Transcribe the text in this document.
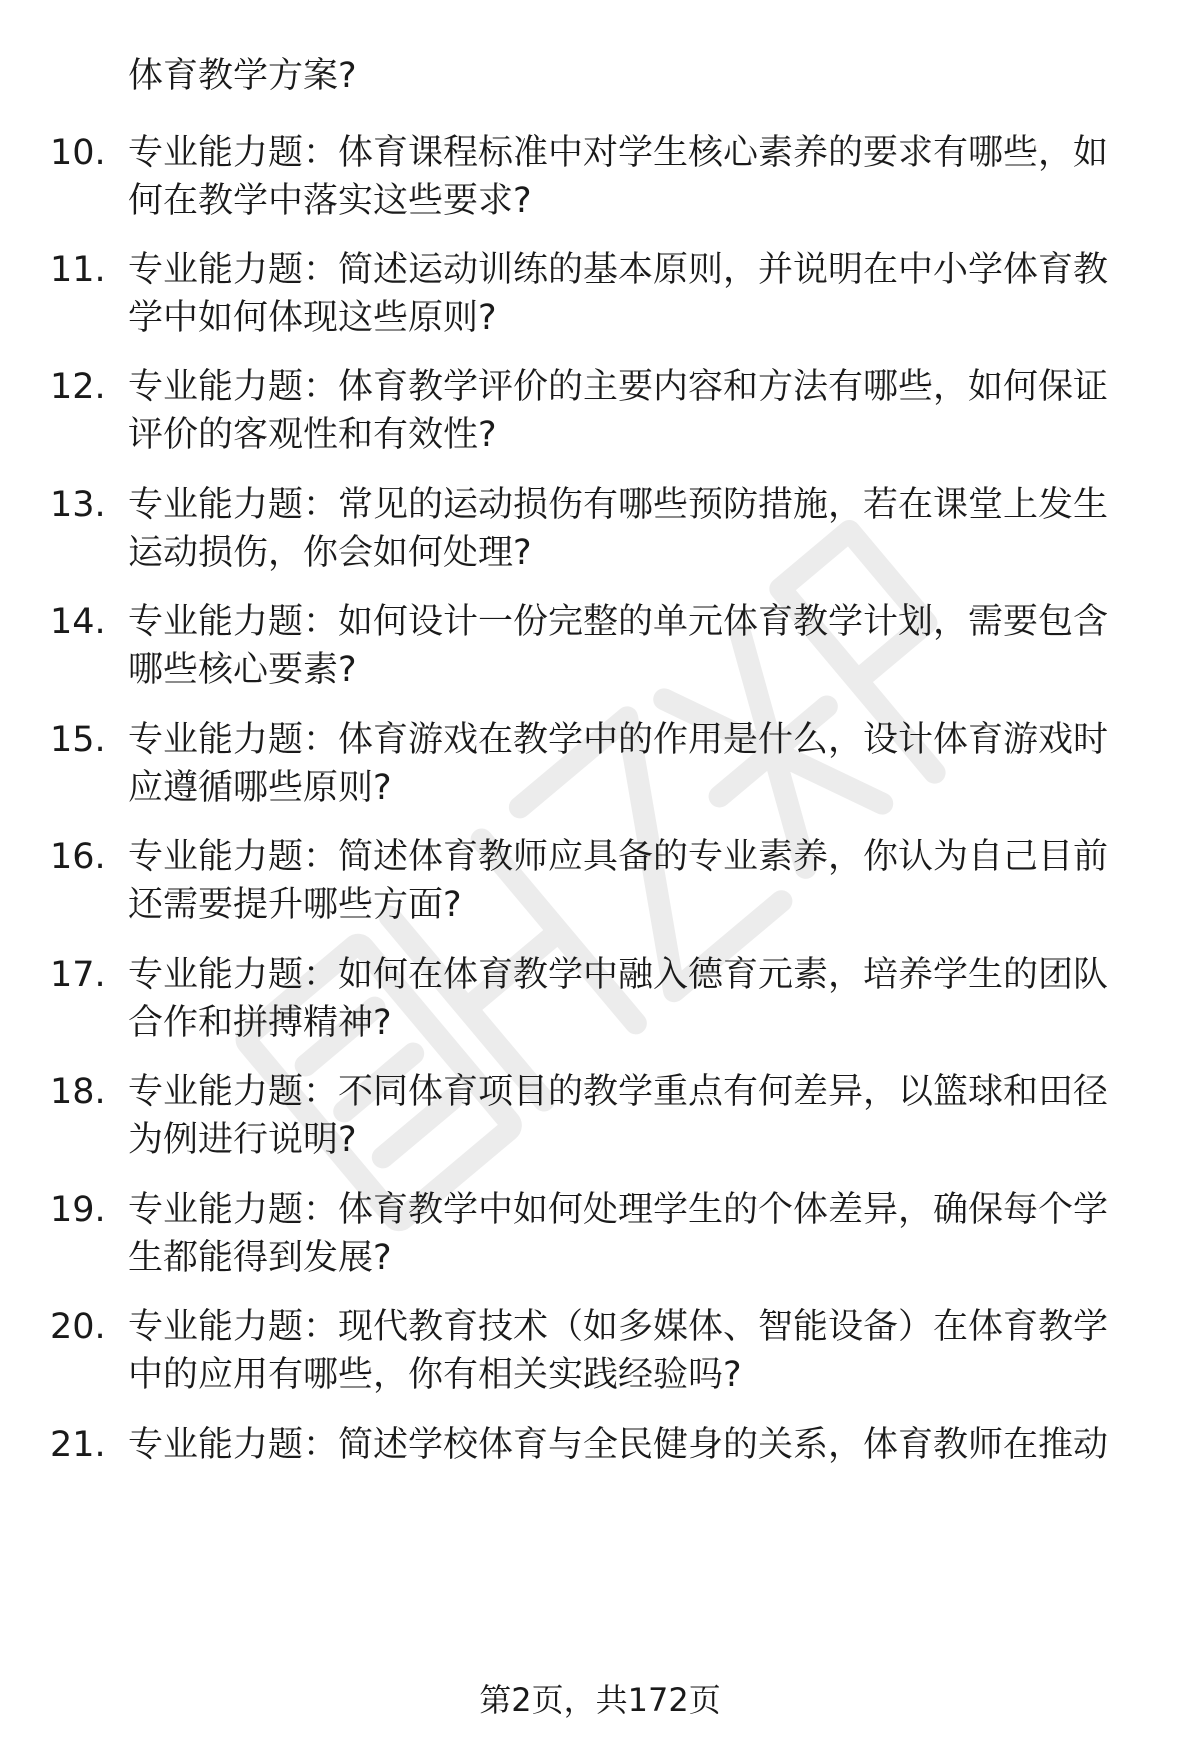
体育教学方案?
10. 专业能力题：体育课程标准中对学生核心素养的要求有哪些，如
何在教学中落实这些要求?
11. 专业能力题：简述运动训练的基本原则，并说明在中小学体育教
学中如何体现这些原则?
12. 专业能力题：体育教学评价的主要内容和方法有哪些，如何保证
评价的客观性和有效性?
13. 专业能力题：常见的运动损伤有哪些预防措施，若在课堂上发生
运动损伤，你会如何处理?
14. 专业能力题：如何设计一份完整的单元体育教学计划，需要包含
哪些核心要素?
15. 专业能力题：体育游戏在教学中的作用是什么，设计体育游戏时
应遵循哪些原则?
16. 专业能力题：简述体育教师应具备的专业素养，你认为自己目前
还需要提升哪些方面?
17. 专业能力题：如何在体育教学中融入德育元素，培养学生的团队
合作和拼搏精神?
18. 专业能力题：不同体育项目的教学重点有何差异，以篮球和田径
为例进行说明?
19. 专业能力题：体育教学中如何处理学生的个体差异，确保每个学
生都能得到发展?
20. 专业能力题：现代教育技术（如多媒体、智能设备）在体育教学
中的应用有哪些，你有相关实践经验吗?
21. 专业能力题：简述学校体育与全民健身的关系，体育教师在推动
第2页，共172页
